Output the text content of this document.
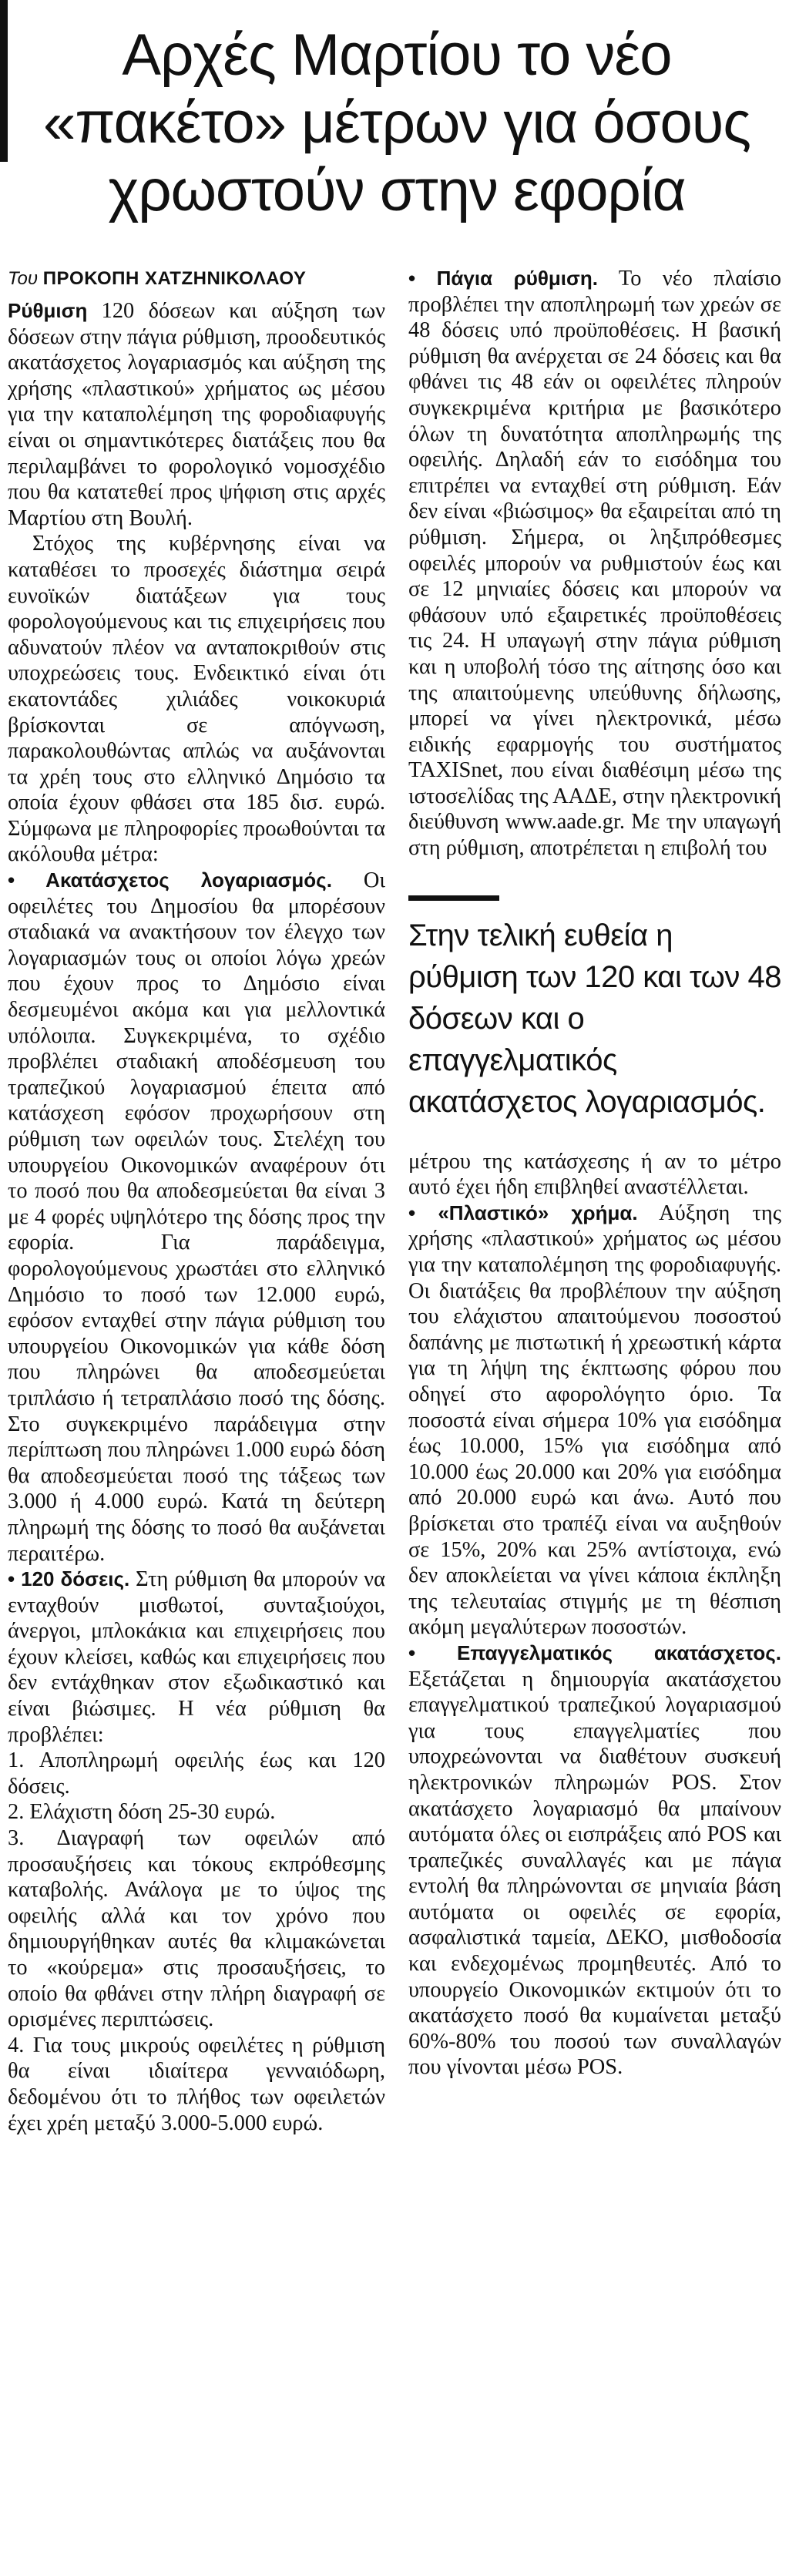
Αρχές Μαρτίου το νέο «πακέτο» μέτρων για όσους χρωστούν στην εφορία
Του ΠΡΟΚΟΠΗ ΧΑΤΖΗΝΙΚΟΛΑΟΥ

Ρύθμιση 120 δόσεων και αύξηση των δόσεων στην πάγια ρύθμιση, προοδευτικός ακατάσχετος λογαριασμός και αύξηση της χρήσης «πλαστικού» χρήματος ως μέσου για την καταπολέμηση της φοροδιαφυγής είναι οι σημαντικότερες διατάξεις που θα περιλαμβάνει το φορολογικό νομοσχέδιο που θα κατατεθεί προς ψήφιση στις αρχές Μαρτίου στη Βουλή.

Στόχος της κυβέρνησης είναι να καταθέσει το προσεχές διάστημα σειρά ευνοϊκών διατάξεων για τους φορολογούμενους και τις επιχειρήσεις που αδυνατούν πλέον να ανταποκριθούν στις υποχρεώσεις τους. Ενδεικτικό είναι ότι εκατοντάδες χιλιάδες νοικοκυριά βρίσκονται σε απόγνωση, παρακολουθώντας απλώς να αυξάνονται τα χρέη τους στο ελληνικό Δημόσιο τα οποία έχουν φθάσει στα 185 δισ. ευρώ. Σύμφωνα με πληροφορίες προωθούνται τα ακόλουθα μέτρα:

• Ακατάσχετος λογαριασμός. Οι οφειλέτες του Δημοσίου θα μπορέσουν σταδιακά να ανακτήσουν τον έλεγχο των λογαριασμών τους οι οποίοι λόγω χρεών που έχουν προς το Δημόσιο είναι δεσμευμένοι ακόμα και για μελλοντικά υπόλοιπα. Συγκεκριμένα, το σχέδιο προβλέπει σταδιακή αποδέσμευση του τραπεζικού λογαριασμού έπειτα από κατάσχεση εφόσον προχωρήσουν στη ρύθμιση των οφειλών τους. Στελέχη του υπουργείου Οικονομικών αναφέρουν ότι το ποσό που θα αποδεσμεύεται θα είναι 3 με 4 φορές υψηλότερο της δόσης προς την εφορία. Για παράδειγμα, φορολογούμενους χρωστάει στο ελληνικό Δημόσιο το ποσό των 12.000 ευρώ, εφόσον ενταχθεί στην πάγια ρύθμιση του υπουργείου Οικονομικών για κάθε δόση που πληρώνει θα αποδεσμεύεται τριπλάσιο ή τετραπλάσιο ποσό της δόσης. Στο συγκεκριμένο παράδειγμα στην περίπτωση που πληρώνει 1.000 ευρώ δόση θα αποδεσμεύεται ποσό της τάξεως των 3.000 ή 4.000 ευρώ. Κατά τη δεύτερη πληρωμή της δόσης το ποσό θα αυξάνεται περαιτέρω.

• 120 δόσεις. Στη ρύθμιση θα μπορούν να ενταχθούν μισθωτοί, συνταξιούχοι, άνεργοι, μπλοκάκια και επιχειρήσεις που έχουν κλείσει, καθώς και επιχειρήσεις που δεν εντάχθηκαν στον εξωδικαστικό και είναι βιώσιμες. Η νέα ρύθμιση θα προβλέπει:

1. Αποπληρωμή οφειλής έως και 120 δόσεις.

2. Ελάχιστη δόση 25-30 ευρώ.

3. Διαγραφή των οφειλών από προσαυξήσεις και τόκους εκπρόθεσμης καταβολής. Ανάλογα με το ύψος της οφειλής αλλά και τον χρόνο που δημιουργήθηκαν αυτές θα κλιμακώνεται το «κούρεμα» στις προσαυξήσεις, το οποίο θα φθάνει στην πλήρη διαγραφή σε ορισμένες περιπτώσεις.

4. Για τους μικρούς οφειλέτες η ρύθμιση θα είναι ιδιαίτερα γενναιόδωρη, δεδομένου ότι το πλήθος των οφειλετών έχει χρέη μεταξύ 3.000-5.000 ευρώ.

• Πάγια ρύθμιση. Το νέο πλαίσιο προβλέπει την αποπληρωμή των χρεών σε 48 δόσεις υπό προϋποθέσεις. Η βασική ρύθμιση θα ανέρχεται σε 24 δόσεις και θα φθάνει τις 48 εάν οι οφειλέτες πληρούν συγκεκριμένα κριτήρια με βασικότερο όλων τη δυνατότητα αποπληρωμής της οφειλής. Δηλαδή εάν το εισόδημα του επιτρέπει να ενταχθεί στη ρύθμιση. Εάν δεν είναι «βιώσιμος» θα εξαιρείται από τη ρύθμιση. Σήμερα, οι ληξιπρόθεσμες οφειλές μπορούν να ρυθμιστούν έως και σε 12 μηνιαίες δόσεις και μπορούν να φθάσουν υπό εξαιρετικές προϋποθέσεις τις 24. Η υπαγωγή στην πάγια ρύθμιση και η υποβολή τόσο της αίτησης όσο και της απαιτούμενης υπεύθυνης δήλωσης, μπορεί να γίνει ηλεκτρονικά, μέσω ειδικής εφαρμογής του συστήματος TAXISnet, που είναι διαθέσιμη μέσω της ιστοσελίδας της ΑΑΔΕ, στην ηλεκτρονική διεύθυνση www.aade.gr. Με την υπαγωγή στη ρύθμιση, αποτρέπεται η επιβολή του

Στην τελική ευθεία η ρύθμιση των 120 και των 48 δόσεων και ο επαγγελματικός ακατάσχετος λογαριασμός.

μέτρου της κατάσχεσης ή αν το μέτρο αυτό έχει ήδη επιβληθεί αναστέλλεται.

• «Πλαστικό» χρήμα. Αύξηση της χρήσης «πλαστικού» χρήματος ως μέσου για την καταπολέμηση της φοροδιαφυγής. Οι διατάξεις θα προβλέπουν την αύξηση του ελάχιστου απαιτούμενου ποσοστού δαπάνης με πιστωτική ή χρεωστική κάρτα για τη λήψη της έκπτωσης φόρου που οδηγεί στο αφορολόγητο όριο. Τα ποσοστά είναι σήμερα 10% για εισόδημα έως 10.000, 15% για εισόδημα από 10.000 έως 20.000 και 20% για εισόδημα από 20.000 ευρώ και άνω. Αυτό που βρίσκεται στο τραπέζι είναι να αυξηθούν σε 15%, 20% και 25% αντίστοιχα, ενώ δεν αποκλείεται να γίνει κάποια έκπληξη της τελευταίας στιγμής με τη θέσπιση ακόμη μεγαλύτερων ποσοστών.

• Επαγγελματικός ακατάσχετος. Εξετάζεται η δημιουργία ακατάσχετου επαγγελματικού τραπεζικού λογαριασμού για τους επαγγελματίες που υποχρεώνονται να διαθέτουν συσκευή ηλεκτρονικών πληρωμών POS. Στον ακατάσχετο λογαριασμό θα μπαίνουν αυτόματα όλες οι εισπράξεις από POS και τραπεζικές συναλλαγές και με πάγια εντολή θα πληρώνονται σε μηνιαία βάση αυτόματα οι οφειλές σε εφορία, ασφαλιστικά ταμεία, ΔΕΚΟ, μισθοδοσία και ενδεχομένως προμηθευτές. Από το υπουργείο Οικονομικών εκτιμούν ότι το ακατάσχετο ποσό θα κυμαίνεται μεταξύ 60%-80% του ποσού των συναλλαγών που γίνονται μέσω POS.
